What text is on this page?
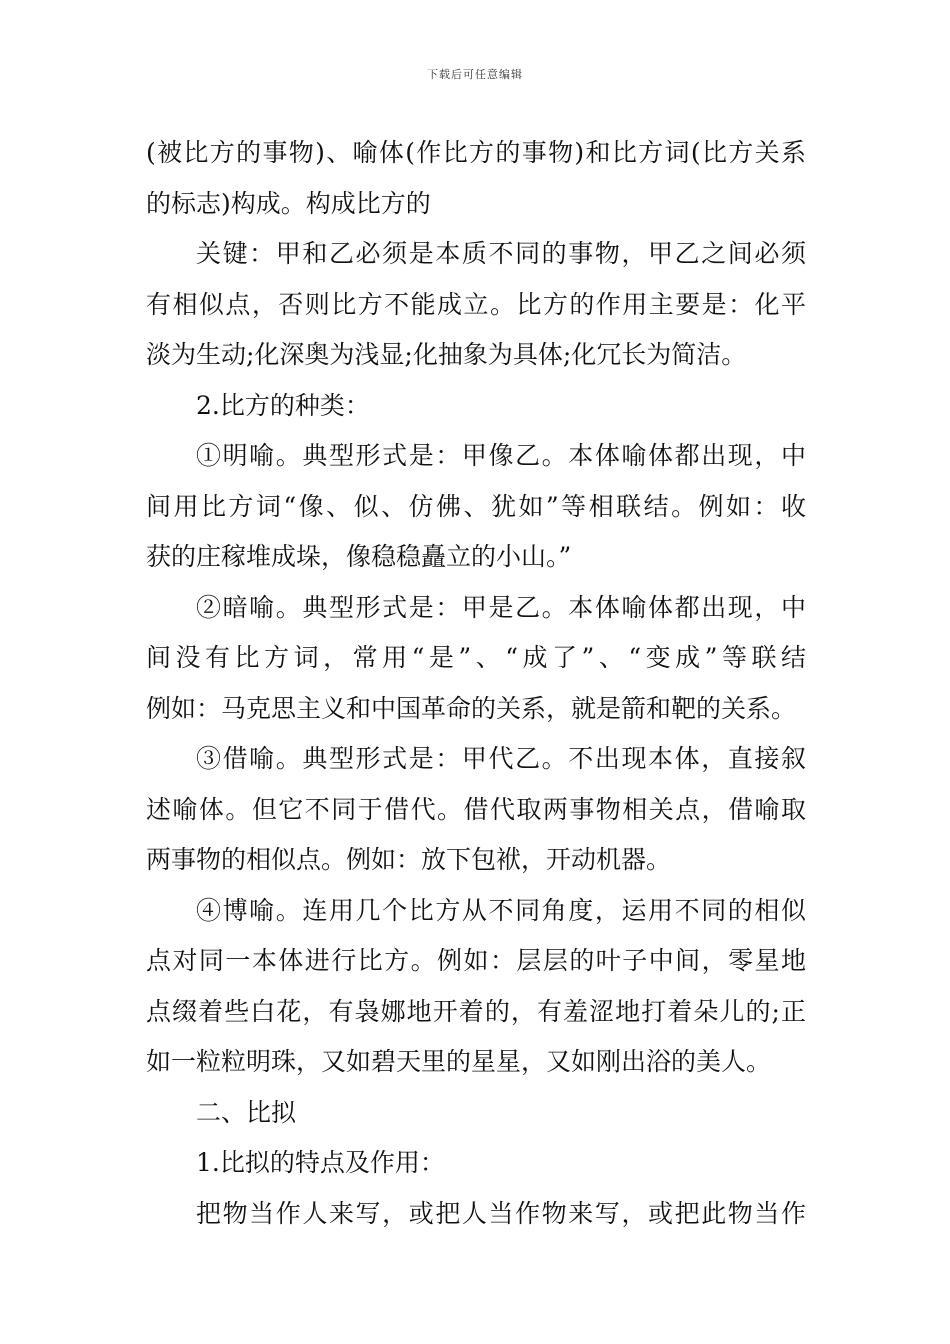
下载后可任意编辑
(被比方的事物)、喻体(作比方的事物)和比方词(比方关系
的标志)构成。构成比方的
关键：甲和乙必须是本质不同的事物，甲乙之间必须
有相似点，否则比方不能成立。比方的作用主要是：化平
淡为生动;化深奥为浅显;化抽象为具体;化冗长为简洁。
2.比方的种类：
①明喻。典型形式是：甲像乙。本体喻体都出现，中
间用比方词“像、似、仿佛、犹如”等相联结。例如：收
获的庄稼堆成垛，像稳稳矗立的小山。”
②暗喻。典型形式是：甲是乙。本体喻体都出现，中
间没有比方词，常用“是”、“成了”、“变成”等联结
例如：马克思主义和中国革命的关系，就是箭和靶的关系。
③借喻。典型形式是：甲代乙。不出现本体，直接叙
述喻体。但它不同于借代。借代取两事物相关点，借喻取
两事物的相似点。例如：放下包袱，开动机器。
④博喻。连用几个比方从不同角度，运用不同的相似
点对同一本体进行比方。例如：层层的叶子中间，零星地
点缀着些白花，有袅娜地开着的，有羞涩地打着朵儿的;正
如一粒粒明珠，又如碧天里的星星，又如刚出浴的美人。
二、比拟
1.比拟的特点及作用：
把物当作人来写，或把人当作物来写，或把此物当作
